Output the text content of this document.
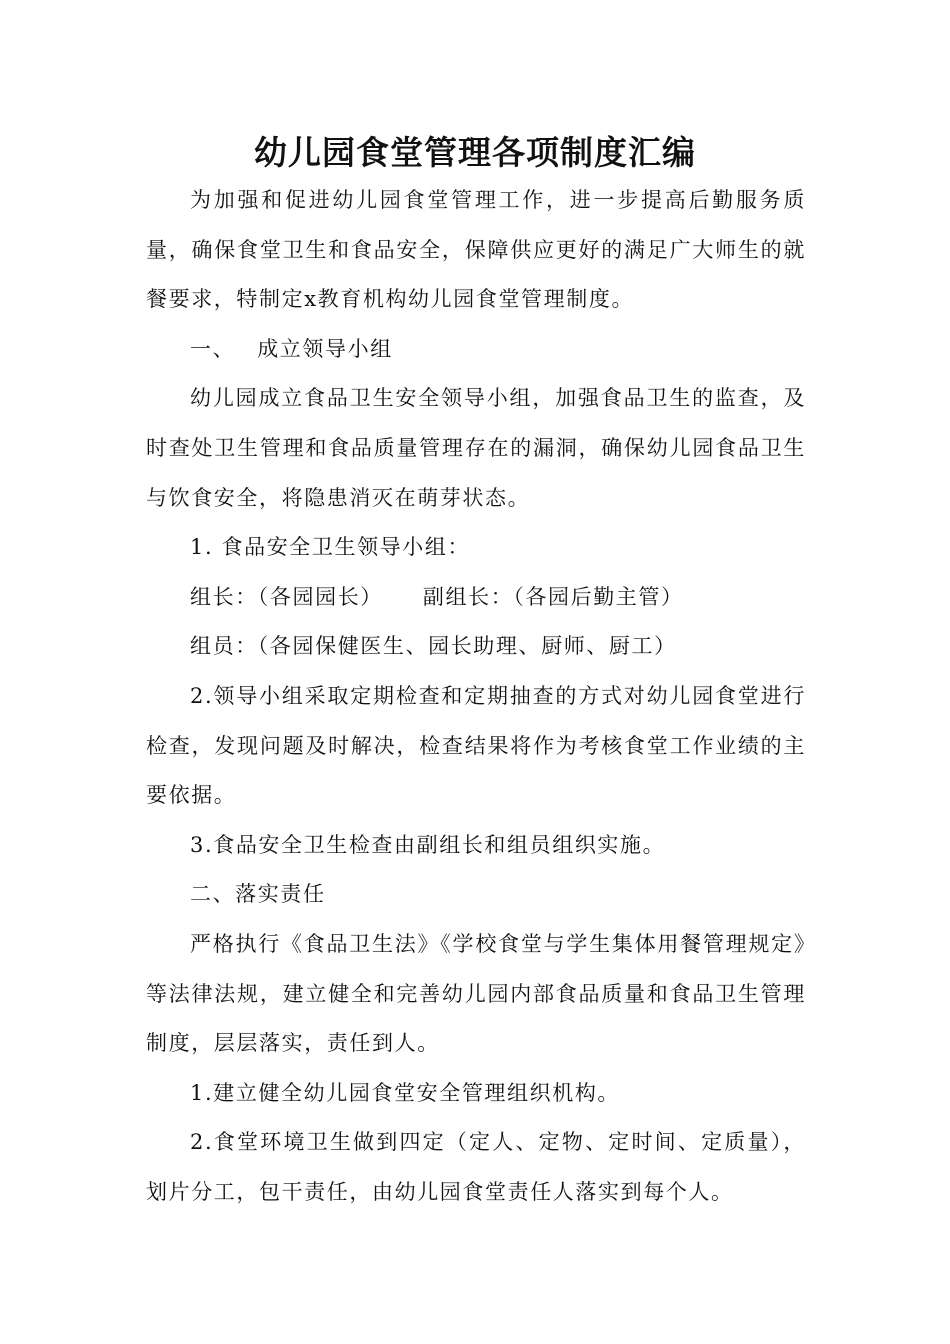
幼儿园食堂管理各项制度汇编

为加强和促进幼儿园食堂管理工作，进一步提高后勤服务质量，确保食堂卫生和食品安全，保障供应更好的满足广大师生的就餐要求，特制定x教育机构幼儿园食堂管理制度。

一、 成立领导小组

幼儿园成立食品卫生安全领导小组，加强食品卫生的监查，及时查处卫生管理和食品质量管理存在的漏洞，确保幼儿园食品卫生与饮食安全，将隐患消灭在萌芽状态。

1. 食品安全卫生领导小组：

组长：（各园园长） 副组长：（各园后勤主管）

组员：（各园保健医生、园长助理、厨师、厨工）

2.领导小组采取定期检查和定期抽查的方式对幼儿园食堂进行检查，发现问题及时解决，检查结果将作为考核食堂工作业绩的主要依据。

3.食品安全卫生检查由副组长和组员组织实施。

二、落实责任

严格执行《食品卫生法》《学校食堂与学生集体用餐管理规定》等法律法规，建立健全和完善幼儿园内部食品质量和食品卫生管理制度，层层落实，责任到人。

1.建立健全幼儿园食堂安全管理组织机构。

2.食堂环境卫生做到四定（定人、定物、定时间、定质量），划片分工，包干责任，由幼儿园食堂责任人落实到每个人。
